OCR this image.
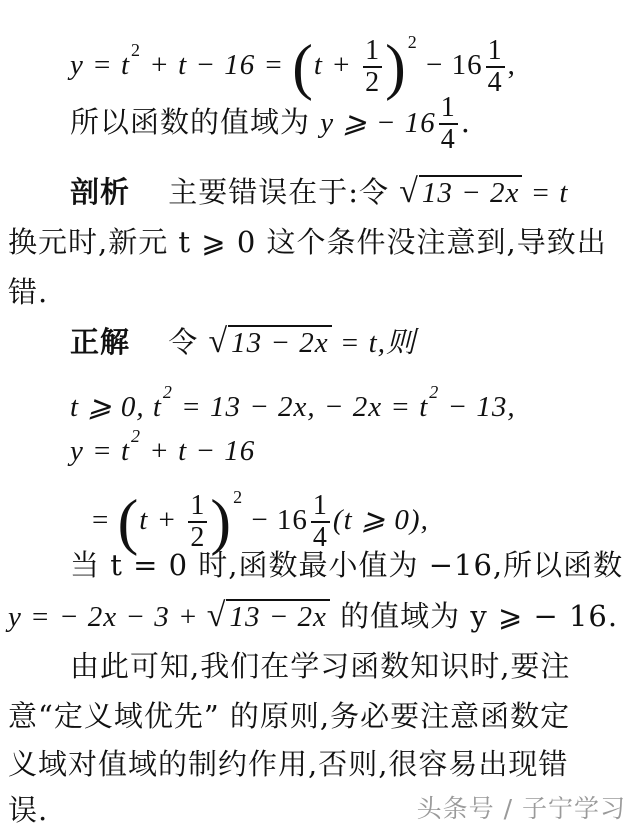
$y = t^2 + t - 16 = (t + \frac{1}{2} )^2 - 16 \frac{1}{4}$ ,
所以函数的值域为 y ⩾ − $16 \frac{1}{4}$ .
剖析 主要错误在于:令 √ 13 − 2x = t
换元时,新元 t ⩾ 0 这个条件没注意到,导致出
错.
正解 令 √ 13 − 2x = t,则
t ⩾ 0, $t^2 = 13 - 2x$, − $2x = t^2 - 13$,
$y = t^2 + t - 16$
= $(t + \frac{1}{2} )^2 - 16 \frac{1}{4} (t$ ⩾ 0),
当 t = 0 时,函数最小值为 −16,所以函数
y = − 2x − 3 + √ 13 − 2x 的值域为 y ⩾ − 16.
由此可知,我们在学习函数知识时,要注
意“定义域优先” 的原则,务必要注意函数定
义域对值域的制约作用,否则,很容易出现错
误.	头条号 / 子宁学习
